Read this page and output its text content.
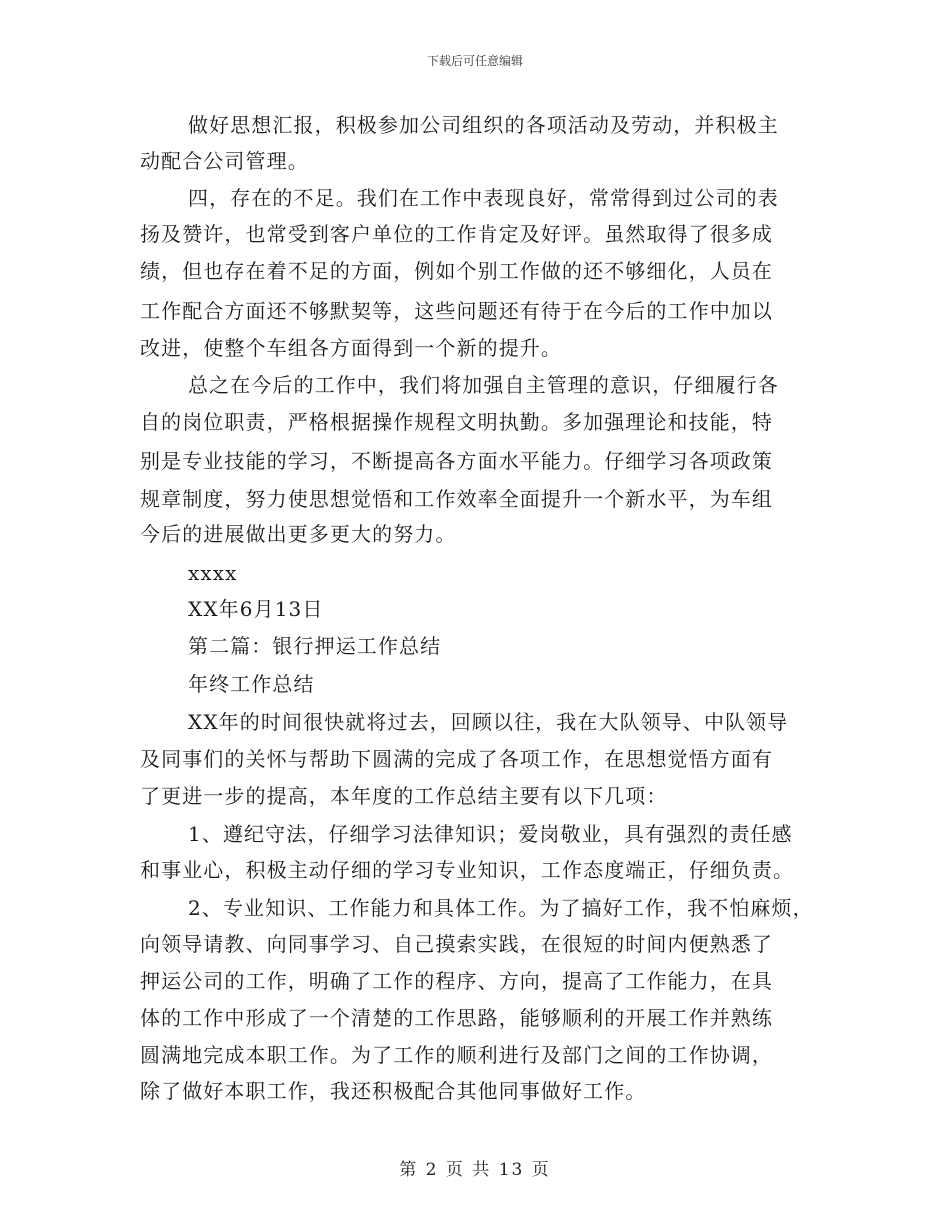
下载后可任意编辑

做好思想汇报，积极参加公司组织的各项活动及劳动，并积极主

动配合公司管理。

四，存在的不足。我们在工作中表现良好，常常得到过公司的表

扬及赞许，也常受到客户单位的工作肯定及好评。虽然取得了很多成

绩，但也存在着不足的方面，例如个别工作做的还不够细化，人员在

工作配合方面还不够默契等，这些问题还有待于在今后的工作中加以

改进，使整个车组各方面得到一个新的提升。

总之在今后的工作中，我们将加强自主管理的意识，仔细履行各

自的岗位职责，严格根据操作规程文明执勤。多加强理论和技能，特

别是专业技能的学习，不断提高各方面水平能力。仔细学习各项政策

规章制度，努力使思想觉悟和工作效率全面提升一个新水平，为车组

今后的进展做出更多更大的努力。

xxxx

XX年6月13日

第二篇：银行押运工作总结

年终工作总结

XX年的时间很快就将过去，回顾以往，我在大队领导、中队领导

及同事们的关怀与帮助下圆满的完成了各项工作，在思想觉悟方面有

了更进一步的提高，本年度的工作总结主要有以下几项：

1、遵纪守法，仔细学习法律知识；爱岗敬业，具有强烈的责任感

和事业心，积极主动仔细的学习专业知识，工作态度端正，仔细负责。

2、专业知识、工作能力和具体工作。为了搞好工作，我不怕麻烦，

向领导请教、向同事学习、自己摸索实践，在很短的时间内便熟悉了

押运公司的工作，明确了工作的程序、方向，提高了工作能力，在具

体的工作中形成了一个清楚的工作思路，能够顺利的开展工作并熟练

圆满地完成本职工作。为了工作的顺利进行及部门之间的工作协调，

除了做好本职工作，我还积极配合其他同事做好工作。

第 2 页 共 13 页
